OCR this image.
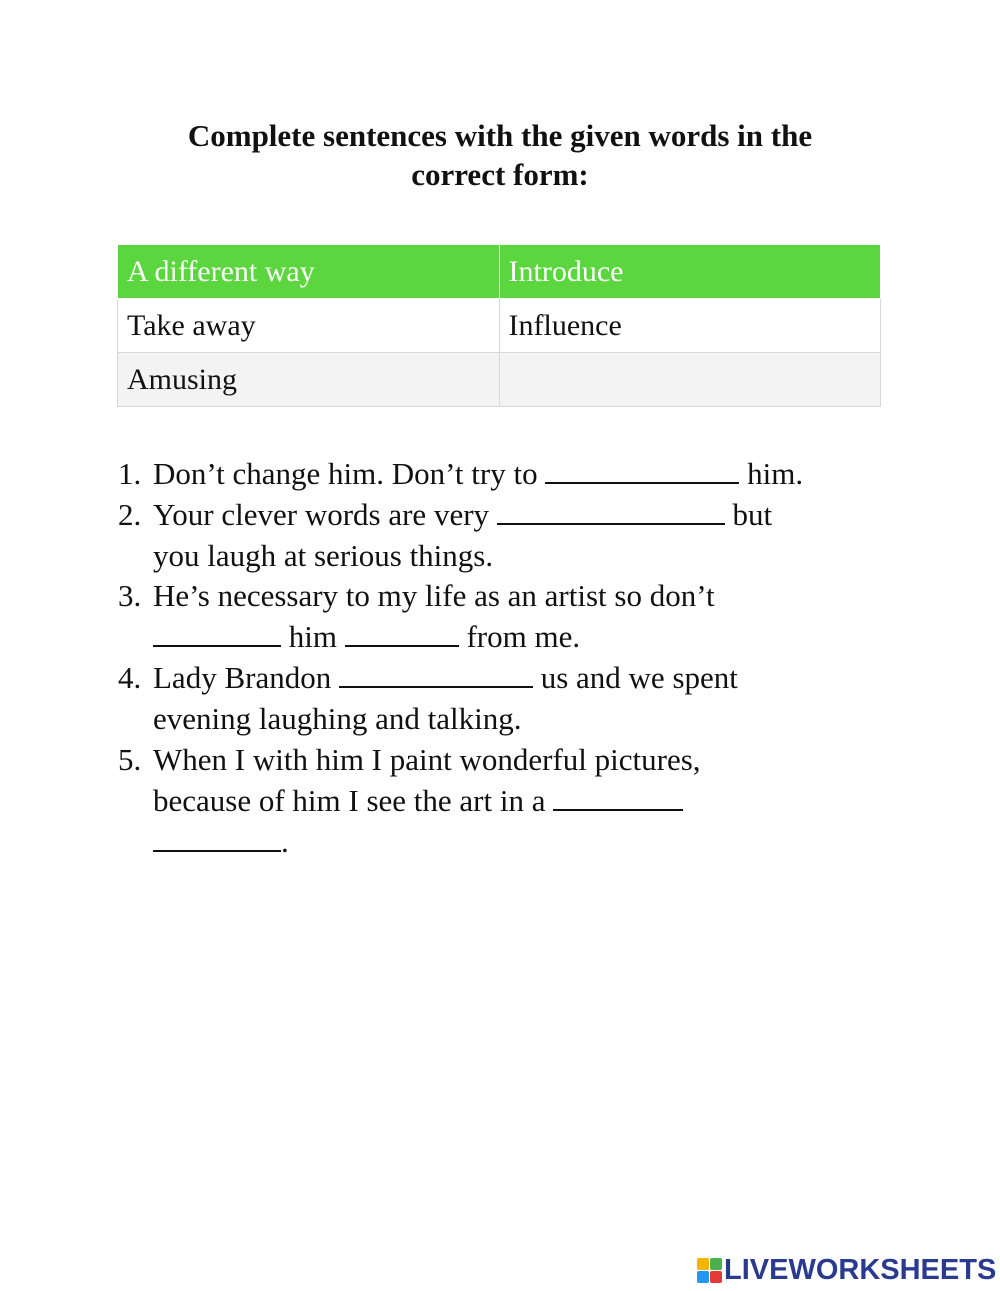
Complete sentences with the given words in the
correct form:
A different way	Introduce
Take away	Influence
Amusing	
1. Don’t change him. Don’t try to	him.
2. Your clever words are very	but
you laugh at serious things.
3. He’s necessary to my life as an artist so don’t
him	from me.
4. Lady Brandon	us and we spent
evening laughing and talking.
5. When I with him I paint wonderful pictures,
because of him I see the art in a
.
LIVEWORKSHEETS
